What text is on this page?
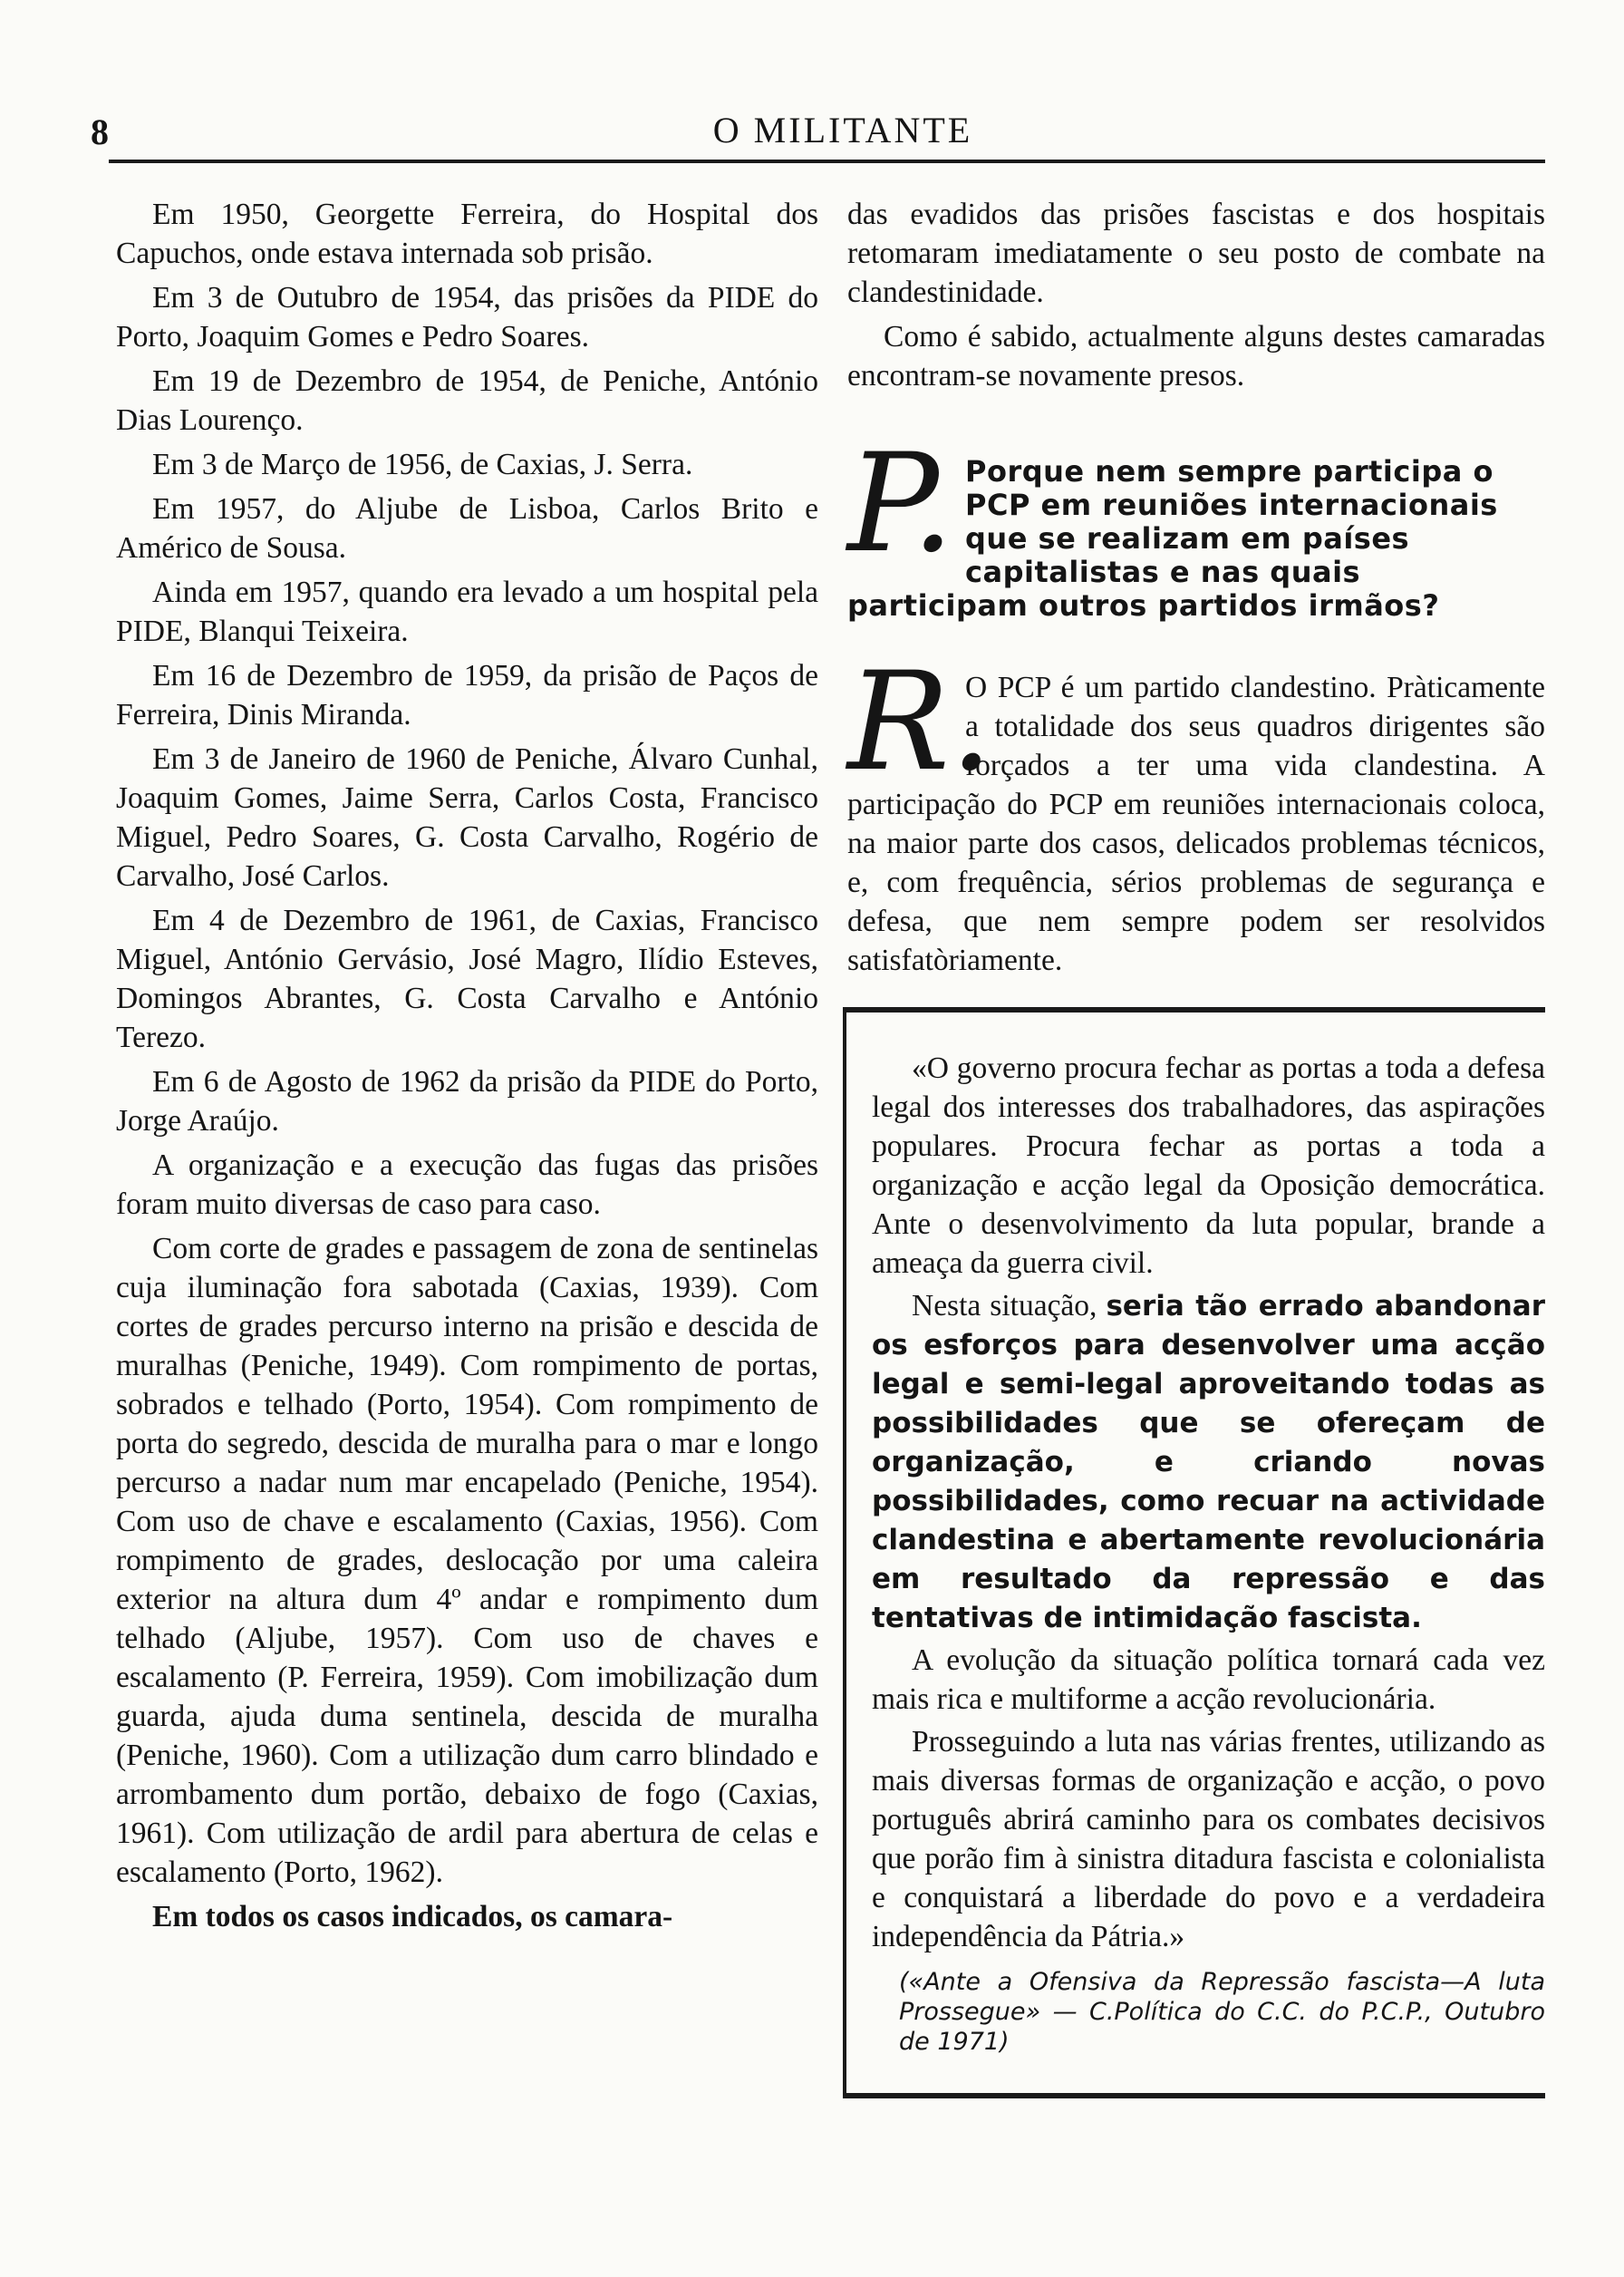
8	O MILITANTE

Em 1950, Georgette Ferreira, do Hospital dos Capuchos, onde estava internada sob prisão.

Em 3 de Outubro de 1954, das prisões da PIDE do Porto, Joaquim Gomes e Pedro Soares.

Em 19 de Dezembro de 1954, de Peniche, António Dias Lourenço.

Em 3 de Março de 1956, de Caxias, J. Serra.

Em 1957, do Aljube de Lisboa, Carlos Brito e Américo de Sousa.

Ainda em 1957, quando era levado a um hospital pela PIDE, Blanqui Teixeira.

Em 16 de Dezembro de 1959, da prisão de Paços de Ferreira, Dinis Miranda.

Em 3 de Janeiro de 1960 de Peniche, Álvaro Cunhal, Joaquim Gomes, Jaime Serra, Carlos Costa, Francisco Miguel, Pedro Soares, G. Costa Carvalho, Rogério de Carvalho, José Carlos.

Em 4 de Dezembro de 1961, de Caxias, Francisco Miguel, António Gervásio, José Magro, Ilídio Esteves, Domingos Abrantes, G. Costa Carvalho e António Terezo.

Em 6 de Agosto de 1962 da prisão da PIDE do Porto, Jorge Araújo.

A organização e a execução das fugas das prisões foram muito diversas de caso para caso.

Com corte de grades e passagem de zona de sentinelas cuja iluminação fora sabotada (Caxias, 1939). Com cortes de grades percurso interno na prisão e descida de muralhas (Peniche, 1949). Com rompimento de portas, sobrados e telhado (Porto, 1954). Com rompimento de porta do segredo, descida de muralha para o mar e longo percurso a nadar num mar encapelado (Peniche, 1954). Com uso de chave e escalamento (Caxias, 1956). Com rompimento de grades, deslocação por uma caleira exterior na altura dum 4º andar e rompimento dum telhado (Aljube, 1957). Com uso de chaves e escalamento (P. Ferreira, 1959). Com imobilização dum guarda, ajuda duma sentinela, descida de muralha (Peniche, 1960). Com a utilização dum carro blindado e arrombamento dum portão, debaixo de fogo (Caxias, 1961). Com utilização de ardil para abertura de celas e escalamento (Porto, 1962).

Em todos os casos indicados, os camara-

das evadidos das prisões fascistas e dos hospitais retomaram imediatamente o seu posto de combate na clandestinidade.

Como é sabido, actualmente alguns destes camaradas encontram-se novamente presos.

P. Porque nem sempre participa o PCP em reuniões internacionais que se realizam em países capitalistas e nas quais participam outros partidos irmãos?

R.

O PCP é um partido clandestino. Pràticamente a totalidade dos seus quadros dirigentes são forçados a ter uma vida clandestina. A participação do PCP em reuniões internacionais coloca, na maior parte dos casos, delicados problemas técnicos, e, com frequência, sérios problemas de segurança e defesa, que nem sempre podem ser resolvidos satisfatòriamente.

«O governo procura fechar as portas a toda a defesa legal dos interesses dos trabalhadores, das aspirações populares. Procura fechar as portas a toda a organização e acção legal da Oposição democrática. Ante o desenvolvimento da luta popular, brande a ameaça da guerra civil.

Nesta situação, seria tão errado abandonar os esforços para desenvolver uma acção legal e semi-legal aproveitando todas as possibilidades que se ofereçam de organização, e criando novas possibilidades, como recuar na actividade clandestina e abertamente revolucionária em resultado da repressão e das tentativas de intimidação fascista.

A evolução da situação política tornará cada vez mais rica e multiforme a acção revolucionária.

Prosseguindo a luta nas várias frentes, utilizando as mais diversas formas de organização e acção, o povo português abrirá caminho para os combates decisivos que porão fim à sinistra ditadura fascista e colonialista e conquistará a liberdade do povo e a verdadeira independência da Pátria.»

(«Ante a Ofensiva da Repressão fascista—A luta Prossegue» — C.Política do C.C. do P.C.P., Outubro de 1971)
